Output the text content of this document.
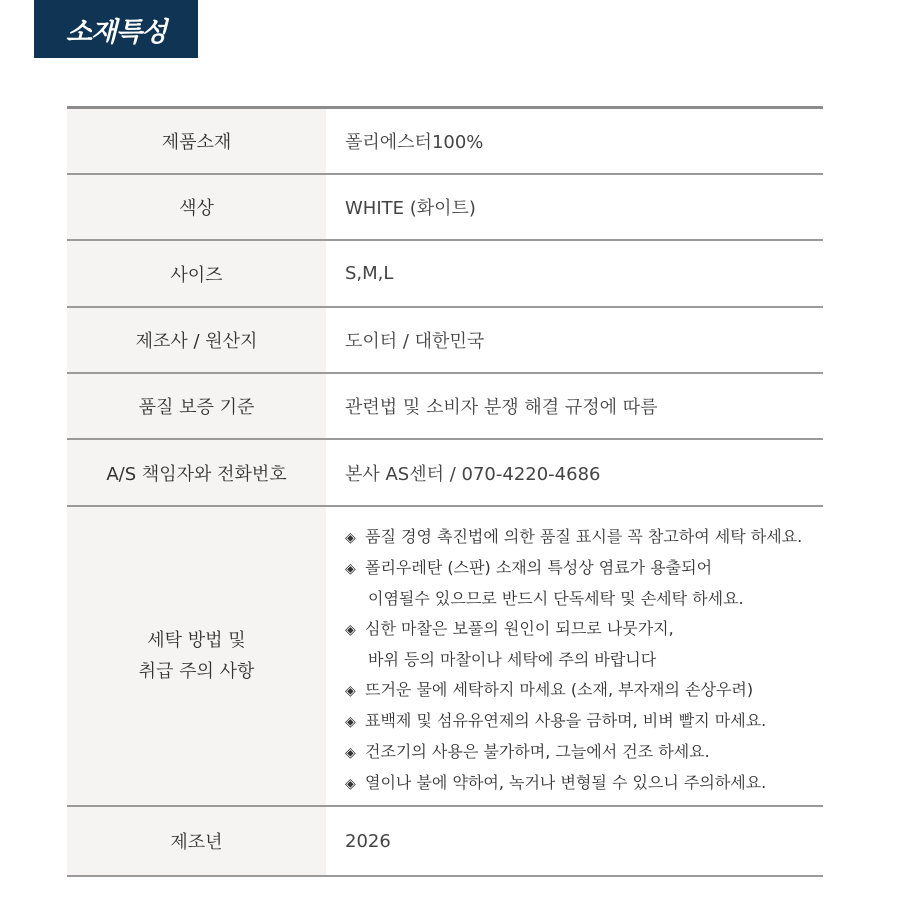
소재특성
제품소재	폴리에스터100%
색상	WHITE (화이트)
사이즈	S,M,L
제조사 / 원산지	도이터 / 대한민국
품질 보증 기준	관련법 및 소비자 분쟁 해결 규정에 따름
A/S 책임자와 전화번호	본사 AS센터 / 070-4220-4686
세탁 방법 및
취급 주의 사항
◈ 품질 경영 촉진법에 의한 품질 표시를 꼭 참고하여 세탁 하세요.
◈ 폴리우레탄 (스판) 소재의 특성상 염료가 용출되어
이염될수 있으므로 반드시 단독세탁 및 손세탁 하세요.
◈ 심한 마찰은 보풀의 원인이 되므로 나뭇가지,
바위 등의 마찰이나 세탁에 주의 바랍니다
◈ 뜨거운 물에 세탁하지 마세요 (소재, 부자재의 손상우려)
◈ 표백제 및 섬유유연제의 사용을 금하며, 비벼 빨지 마세요.
◈ 건조기의 사용은 불가하며, 그늘에서 건조 하세요.
◈ 열이나 불에 약하여, 녹거나 변형될 수 있으니 주의하세요.
제조년	2026
